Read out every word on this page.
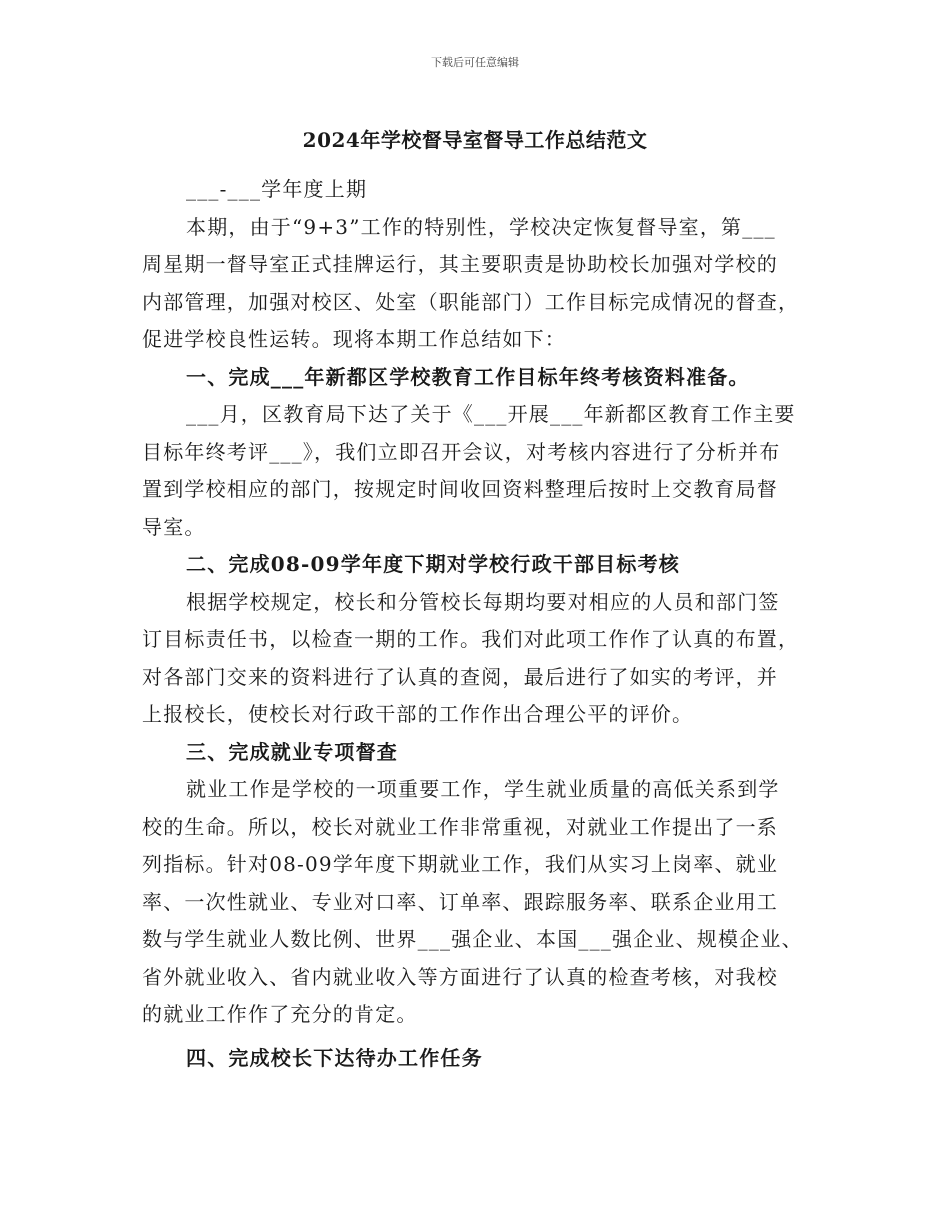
下载后可任意编辑
2024年学校督导室督导工作总结范文
___-___学年度上期
本期，由于“9+3”工作的特别性，学校决定恢复督导室，第___
周星期一督导室正式挂牌运行，其主要职责是协助校长加强对学校的
内部管理，加强对校区、处室（职能部门）工作目标完成情况的督查，
促进学校良性运转。现将本期工作总结如下：
一、完成___年新都区学校教育工作目标年终考核资料准备。
___月，区教育局下达了关于《___开展___年新都区教育工作主要
目标年终考评___》，我们立即召开会议，对考核内容进行了分析并布
置到学校相应的部门，按规定时间收回资料整理后按时上交教育局督
导室。
二、完成08-09学年度下期对学校行政干部目标考核
根据学校规定，校长和分管校长每期均要对相应的人员和部门签
订目标责任书，以检查一期的工作。我们对此项工作作了认真的布置，
对各部门交来的资料进行了认真的查阅，最后进行了如实的考评，并
上报校长，使校长对行政干部的工作作出合理公平的评价。
三、完成就业专项督查
就业工作是学校的一项重要工作，学生就业质量的高低关系到学
校的生命。所以，校长对就业工作非常重视，对就业工作提出了一系
列指标。针对08-09学年度下期就业工作，我们从实习上岗率、就业
率、一次性就业、专业对口率、订单率、跟踪服务率、联系企业用工
数与学生就业人数比例、世界___强企业、本国___强企业、规模企业、
省外就业收入、省内就业收入等方面进行了认真的检查考核，对我校
的就业工作作了充分的肯定。
四、完成校长下达待办工作任务
